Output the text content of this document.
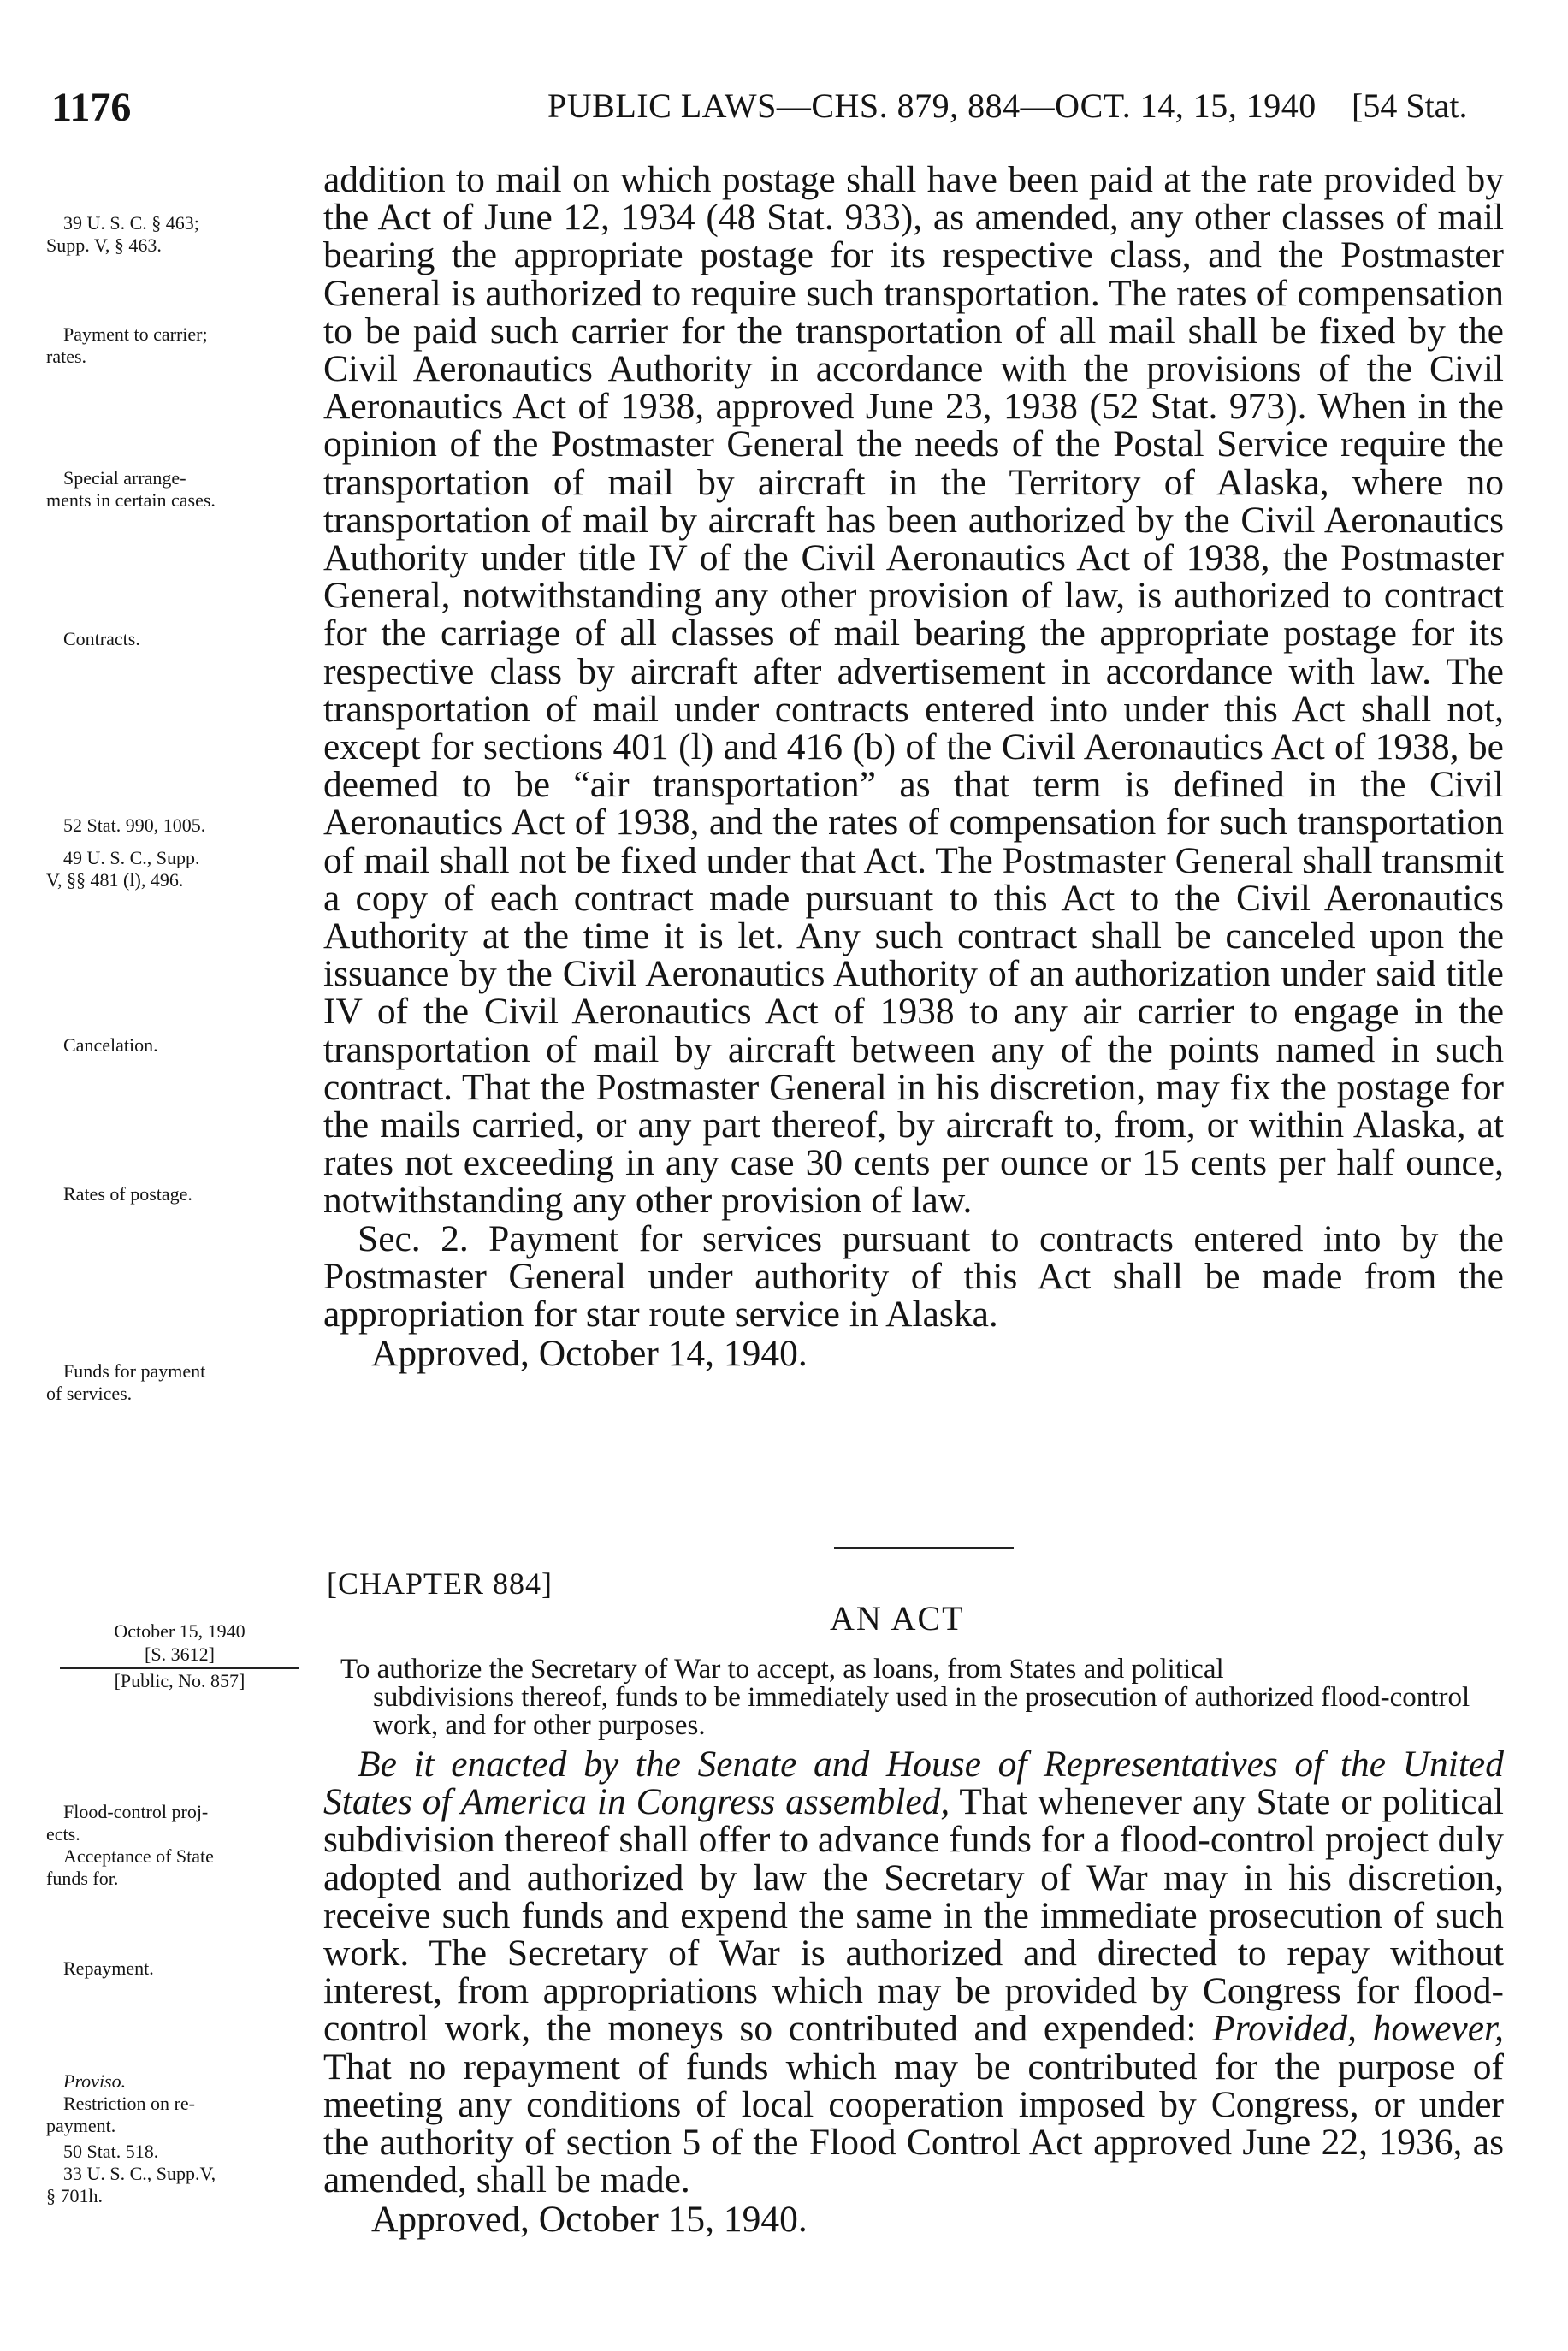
1176	PUBLIC LAWS—CHS. 879, 884—OCT. 14, 15, 1940 [54 Stat.
39 U. S. C. § 463;
Supp. V, § 463.
Payment to carrier;
rates.
Special arrange-
ments in certain cases.
Contracts.
52 Stat. 990, 1005.
49 U. S. C., Supp.
V, §§ 481 (l), 496.
Cancelation.
Rates of postage.
Funds for payment
of services.

addition to mail on which postage shall have been paid at the rate provided by the Act of June 12, 1934 (48 Stat. 933), as amended, any other classes of mail bearing the appropriate postage for its respective class, and the Postmaster General is authorized to require such transportation. The rates of compensation to be paid such carrier for the transportation of all mail shall be fixed by the Civil Aeronautics Authority in accordance with the provisions of the Civil Aeronautics Act of 1938, approved June 23, 1938 (52 Stat. 973). When in the opinion of the Postmaster General the needs of the Postal Service require the transportation of mail by aircraft in the Territory of Alaska, where no transportation of mail by aircraft has been authorized by the Civil Aeronautics Authority under title IV of the Civil Aeronautics Act of 1938, the Postmaster General, notwithstanding any other provision of law, is authorized to contract for the carriage of all classes of mail bearing the appropriate postage for its respective class by aircraft after advertisement in accordance with law. The transportation of mail under contracts entered into under this Act shall not, except for sections 401 (l) and 416 (b) of the Civil Aeronautics Act of 1938, be deemed to be “air transportation” as that term is defined in the Civil Aeronautics Act of 1938, and the rates of compensation for such transportation of mail shall not be fixed under that Act. The Postmaster General shall transmit a copy of each contract made pursuant to this Act to the Civil Aeronautics Authority at the time it is let. Any such contract shall be canceled upon the issuance by the Civil Aeronautics Authority of an authorization under said title IV of the Civil Aeronautics Act of 1938 to any air carrier to engage in the transportation of mail by aircraft between any of the points named in such contract. That the Postmaster General in his discretion, may fix the postage for the mails carried, or any part thereof, by aircraft to, from, or within Alaska, at rates not exceeding in any case 30 cents per ounce or 15 cents per half ounce, notwithstanding any other provision of law.

Sec. 2. Payment for services pursuant to contracts entered into by the Postmaster General under authority of this Act shall be made from the appropriation for star route service in Alaska.

Approved, October 14, 1940.

[CHAPTER 884]
AN ACT
October 15, 1940
[S. 3612]
[Public, No. 857]	To authorize the Secretary of War to accept, as loans, from States and political
subdivisions thereof, funds to be immediately used in the prosecution of authorized flood-control work, and for other purposes.
Flood-control proj-
ects.
Acceptance of State
funds for.
Repayment.
Proviso.
Restriction on re-
payment.
50 Stat. 518.
33 U. S. C., Supp.V,
§ 701h.

Be it enacted by the Senate and House of Representatives of the United States of America in Congress assembled, That whenever any State or political subdivision thereof shall offer to advance funds for a flood-control project duly adopted and authorized by law the Secretary of War may in his discretion, receive such funds and expend the same in the immediate prosecution of such work. The Secretary of War is authorized and directed to repay without interest, from appropriations which may be provided by Congress for flood-control work, the moneys so contributed and expended: Provided, however, That no repayment of funds which may be contributed for the purpose of meeting any conditions of local cooperation imposed by Congress, or under the authority of section 5 of the Flood Control Act approved June 22, 1936, as amended, shall be made.

Approved, October 15, 1940.
